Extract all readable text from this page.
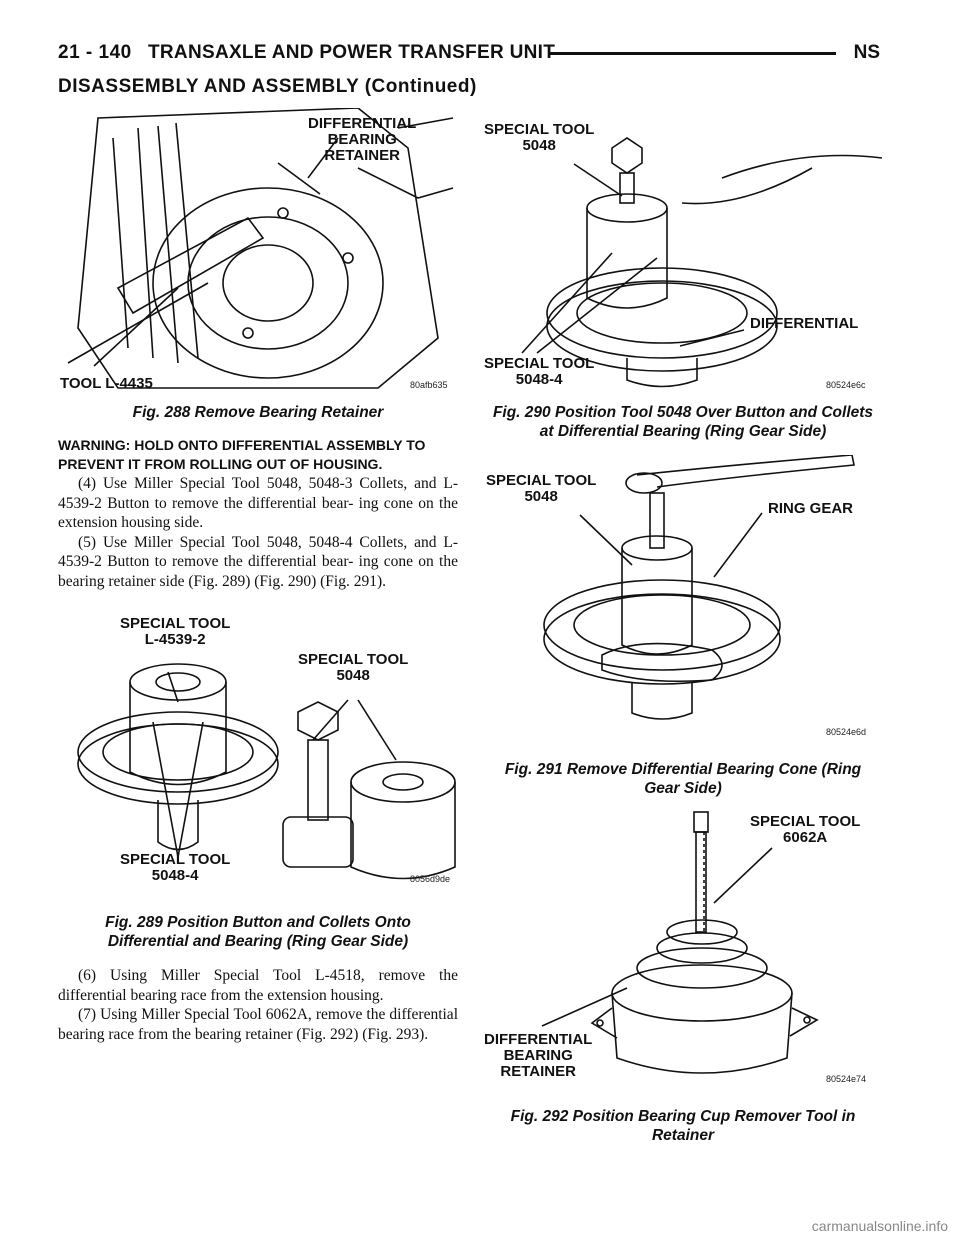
21 - 140 TRANSAXLE AND POWER TRANSFER UNIT	NS
DISASSEMBLY AND ASSEMBLY (Continued)
DIFFERENTIAL
BEARING
RETAINER
TOOL L-4435	80afb635
Fig. 288 Remove Bearing Retainer
WARNING: HOLD ONTO DIFFERENTIAL ASSEMBLY TO PREVENT IT FROM ROLLING OUT OF HOUSING.

(4) Use Miller Special Tool 5048, 5048-3 Collets, and L-4539-2 Button to remove the differential bear- ing cone on the extension housing side.

(5) Use Miller Special Tool 5048, 5048-4 Collets, and L-4539-2 Button to remove the differential bear- ing cone on the bearing retainer side (Fig. 289) (Fig. 290) (Fig. 291).

SPECIAL TOOL
L-4539-2
SPECIAL TOOL
5048
SPECIAL TOOL
5048-4	8056d9de
Fig. 289 Position Button and Collets Onto
Differential and Bearing (Ring Gear Side)

(6) Using Miller Special Tool L-4518, remove the differential bearing race from the extension housing.

(7) Using Miller Special Tool 6062A, remove the differential bearing race from the bearing retainer (Fig. 292) (Fig. 293).

SPECIAL TOOL
5048
DIFFERENTIAL
SPECIAL TOOL
5048-4	80524e6c
Fig. 290 Position Tool 5048 Over Button and Collets
at Differential Bearing (Ring Gear Side)
SPECIAL TOOL
5048
RING GEAR
80524e6d
Fig. 291 Remove Differential Bearing Cone (Ring
Gear Side)
SPECIAL TOOL
6062A
DIFFERENTIAL
BEARING
RETAINER	80524e74
Fig. 292 Position Bearing Cup Remover Tool in
Retainer
carmanualsonline.info
